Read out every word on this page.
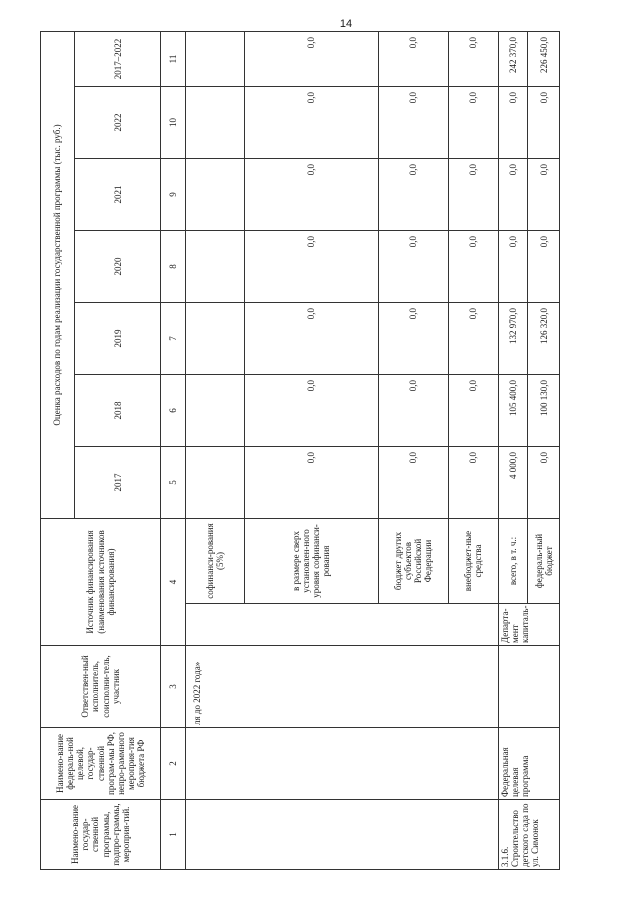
14
Наимено-вание государ-ственной программы, подпро-граммы, мероприя-тий.	Наимено-вание федераль-ной целевой, государ-ственной програм-мы РФ, непро-раммного мероприя-тия бюджета РФ	Ответствен-ный исполнитель, соисполни-тель, участник	Источник финансирования (наименования источников финансирования)		Оценка расходов по годам реализации государственной программы (тыс. руб.)						
					2017	2018	2019	2020	2021	2022	2017–2022
1	2	3	4		5	6	7	8	9	10	11
		ля до 2022 года»		софинанси-рования (5%)							
				в размере сверх установлен-ного уровня софинанси-рования	0,0	0,0	0,0	0,0	0,0	0,0	0,0
				бюджет других субъектов Российской Федерации	0,0	0,0	0,0	0,0	0,0	0,0	0,0
				внебюджет-ные средства	0,0	0,0	0,0	0,0	0,0	0,0	0,0
3.1.6. Строительство детского сада по ул. Симонок	Федеральная целевая программа		Департа-мент капиталь-	всего, в т. ч.:	4 000,0	105 400,0	132 970,0	0,0	0,0	0,0	242 370,0
				федераль-ный бюджет	0,0	100 130,0	126 320,0	0,0	0,0	0,0	226 450,0
